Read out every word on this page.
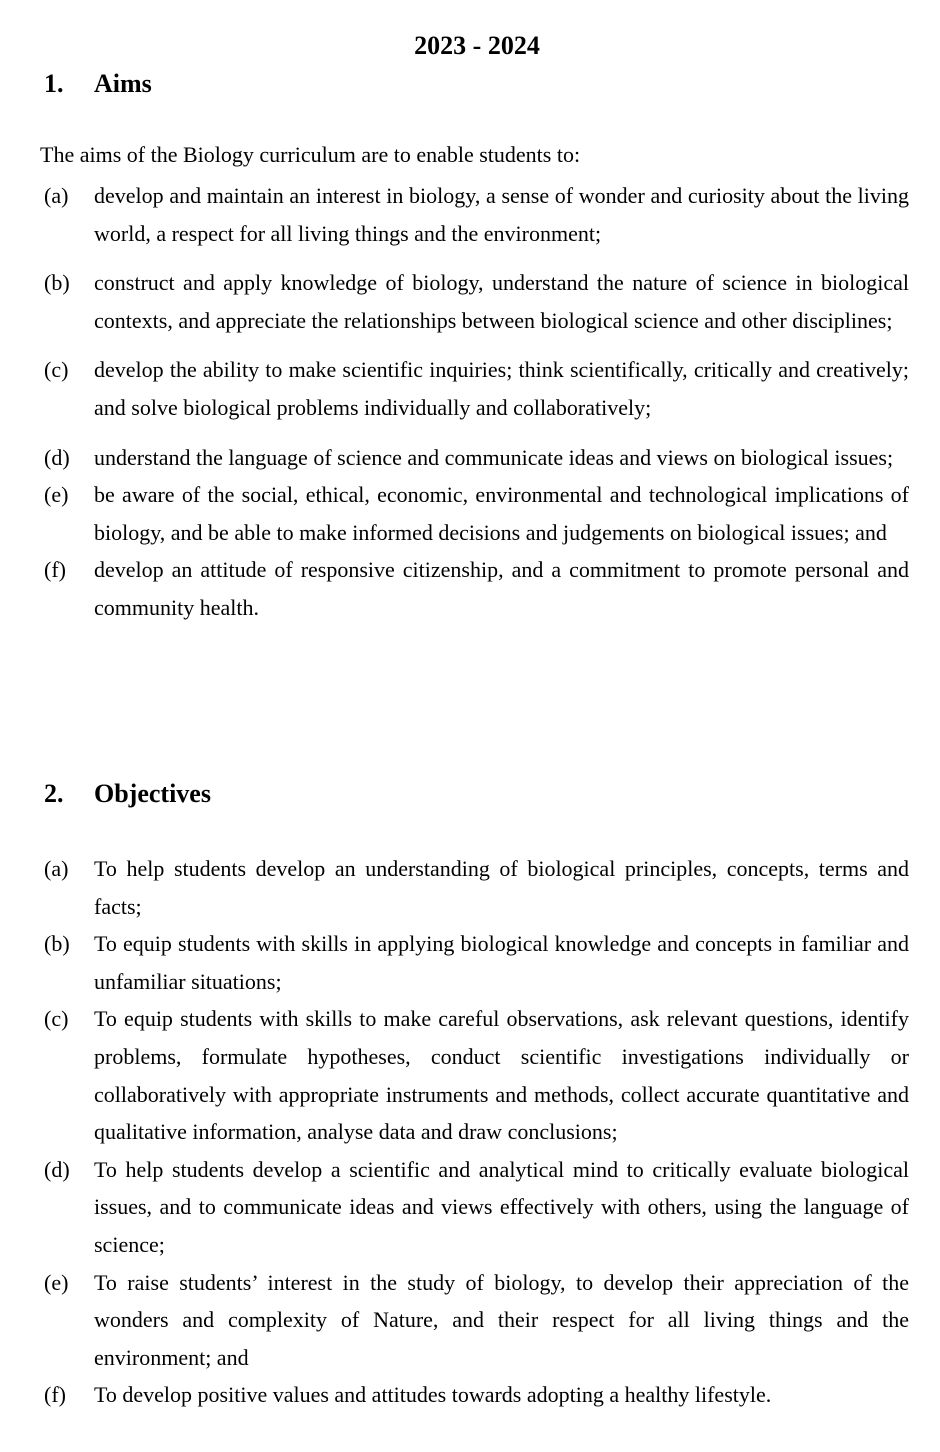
2023 - 2024
1. Aims
The aims of the Biology curriculum are to enable students to:
(a)	develop and maintain an interest in biology, a sense of wonder and curiosity about the living world, a respect for all living things and the environment;
(b)	construct and apply knowledge of biology, understand the nature of science in biological contexts, and appreciate the relationships between biological science and other disciplines;
(c)	develop the ability to make scientific inquiries; think scientifically, critically and creatively; and solve biological problems individually and collaboratively;
(d)	understand the language of science and communicate ideas and views on biological issues;
(e)	be aware of the social, ethical, economic, environmental and technological implications of biology, and be able to make informed decisions and judgements on biological issues; and
(f)	develop an attitude of responsive citizenship, and a commitment to promote personal and community health.
2. Objectives
(a)	To help students develop an understanding of biological principles, concepts, terms and facts;
(b)	To equip students with skills in applying biological knowledge and concepts in familiar and unfamiliar situations;
(c)	To equip students with skills to make careful observations, ask relevant questions, identify problems, formulate hypotheses, conduct scientific investigations individually or collaboratively with appropriate instruments and methods, collect accurate quantitative and qualitative information, analyse data and draw conclusions;
(d)	To help students develop a scientific and analytical mind to critically evaluate biological issues, and to communicate ideas and views effectively with others, using the language of science;
(e)	To raise students’ interest in the study of biology, to develop their appreciation of the wonders and complexity of Nature, and their respect for all living things and the environment; and
(f)	To develop positive values and attitudes towards adopting a healthy lifestyle.
